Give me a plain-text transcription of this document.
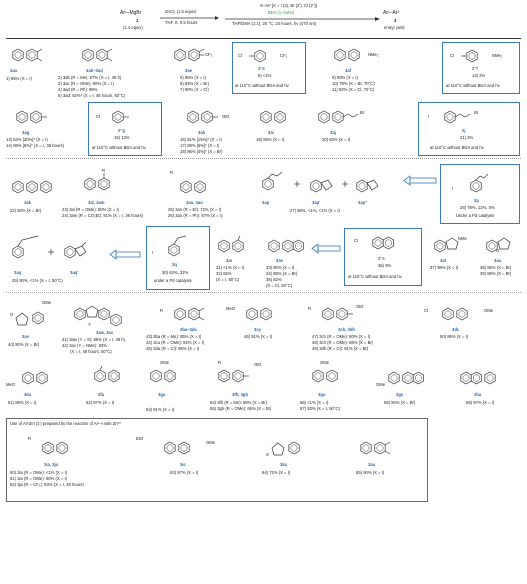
Ar¹–MgBr
1
(1.4 equiv)
ZnCl₂ (1.5 equiv)
THF, rt, 0.5 hours
X–Ar² [X = I (2), Br (2'), Cl (2'')]
BDA (1 mol%)
THF/DMA (1:1), 25 °C, 24 hours, hν (470 nm)
Ar¹–Ar²
3
entry) yield
3aa
1) 95% (X = I)
3ab–3ad
2) 3ab (R = Me): 97% (X = I, 48 h)
3) 3ac (R = OMe): 90% (X = I)
4) 3ad (R = Ph): 98%
5) 3ad: 92%* (X = I, 48 hours, 50°C)
CF₃
3ae
5) 85% (X = I)
6) 84% (X = Br)
7) 90% (X = Cl)
Cl	CF₃
2''e
8) <1%
at 110°C without BDA and hν
NMe₂
3af
9) 93% (X = I)
10) 78% (X = Br, 70°C)
11) 82% (X = Cl, 70°C)
Cl	NMe₂
2''f
12) 2%
at 110°C without BDA and hν
3ag
13) 54% [30%]* (X = I)
14) 86% [5%]* (X = I, 36 hours)
Cl
2''g
15) 13%
at 110°C without BDA and hν
OEt
3ah
16) 81% [15%]* (X = I)
17) 88% [5%]* (X = I)
18) 86% [4%]* (X = Br)
3ai
19) 88% (X = I)
Br
3aj
20) 83% (X = I)
I
Br
2j
21) 2%
at 110°C without BDA and hν
3ak
22) 93% (X = Br)
R
3al, 3am
23) 3al (R = OMe): 90% (X = I)
24) 3am (R = CO₂Et): 91% (X = I, 36 hours)
R
3an, 3ao
25) 3an (R = Et): 72% (X = I)
26) 3ao (R = Ph): 87% (X = I)
3ap	3ap'	3ap''
27) 88%, <1%, <1% (X = I)
I
2p
28) 78%, 12%, 5%
Under a Pd catalysis
3aq	3aq'
29) 90%, <1% (X = I, 50°C)
I
2q
30) 62%, 32%
under a Pd catalysis
3ar
31) <1% (X = I)
32) 82%
(X = I, 50°C)
3as
33) 90% (X = I)
34) 85% (X = Br)
35) 82%
(X = Cl, 50°C)
Cl
2''s
36) 9%
at 110°C without BDA and hν
NMe
3at
37) 96% (X = I)
O
3au
38) 85% (X = Br)
39) 88% (X = Br)
O
OMe
3av
40) 90% (X = Br)
Y
3aw, 3ax
41) 3aw (Y = S): 86% (X = I, 48 h)
42) 3ax (Y = NMe): 93%
(X = I, 48 hours, 50°C)
R
3ba–3da
43) 3ba (R = Me): 85% (X = I)
44) 3ca (R = OMe): 92% (X = I)
45) 3da (R = Cl): 85% (X = I)
MeO
3cy
46) 91% (X = I)
R	OEt
3ch, 3dh
47) 3ch (R = OMe): 80% (X = I)
48) 3ch (R = OMe): 86% (X = Br)
49) 3dh (R = Cl): 81% (X = Br)
Cl	OMe
3dc
50) 95% (X = I)
MeO
3ea
51) 89% (X = I)
3fa
52) 97% (X = I)
OMe
3ga
53) 91% (X = I)
R	OEt
3fh, 3gh
54) 3fh (R = Me): 89% (X = Br)
55) 3gh (R = OMe): 65% (X = Br)
OMe
3go
56) <1% (X = I)
57) 93% (X = I, 50°C)
OMe
3gs
58) 90% (X = Br)
3ha
59) 97% (X = I)
Use of Ar¹ZnI (1') prepared by the reaction of Ar¹–I with Zn**
R
3ia, 3ja
60) 3ia (R = OMe): <1% (X = I)
61) 3ia (R = OMe): 90% (X = I)
62) 3ja (R = CF₃): 83% (X = I, 48 hours)
EtO
OMe
3ic
63) 87% (X = I)
S
3ka
64) 72% (X = I)
3aa
65) 90% (X = I)
